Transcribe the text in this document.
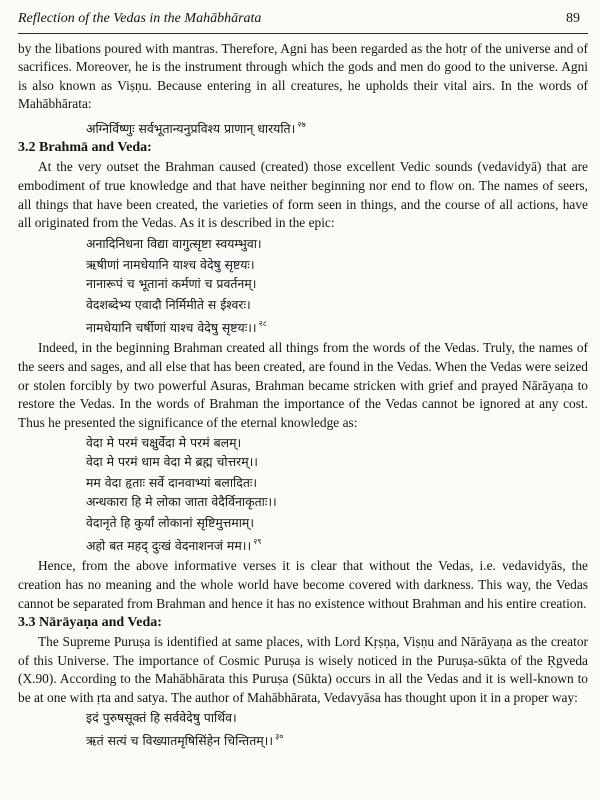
Reflection of the Vedas in the Mahābhārata	89

by the libations poured with mantras. Therefore, Agni has been regarded as the hotṛ of the universe and of sacrifices. Moreover, he is the instrument through which the gods and men do good to the universe. Agni is also known as Viṣṇu. Because entering in all creatures, he upholds their vital airs. In the words of Mahābhārata:

अग्निर्विष्णुः सर्वभूतान्यनुप्रविश्य प्राणान् धारयति। $^{२७}$
3.2 Brahmā and Veda:

At the very outset the Brahman caused (created) those excellent Vedic sounds (vedavidyā) that are embodiment of true knowledge and that have neither beginning nor end to flow on. The names of seers, all things that have been created, the varieties of form seen in things, and the course of all actions, have all originated from the Vedas. As it is described in the epic:

अनादिनिधना विद्या वागुत्सृष्टा स्वयम्भुवा।
ऋषीणां नामधेयानि याश्च वेदेषु सृष्टयः।
नानारूपं च भूतानां कर्मणां च प्रवर्तनम्।
वेदशब्देभ्य एवादौ निर्मिमीते स ईश्वरः।
नामधेयानि चर्षीणां याश्च वेदेषु सृष्टयः।। $^{२८}$

Indeed, in the beginning Brahman created all things from the words of the Vedas. Truly, the names of the seers and sages, and all else that has been created, are found in the Vedas. When the Vedas were seized or stolen forcibly by two powerful Asuras, Brahman became stricken with grief and prayed Nārāyaṇa to restore the Vedas. In the words of Brahman the importance of the Vedas cannot be ignored at any cost. Thus he presented the significance of the eternal knowledge as:

वेदा मे परमं चक्षुर्वेदा मे परमं बलम्।
वेदा मे परमं धाम वेदा मे ब्रह्म चोत्तरम्।।
मम वेदा हृताः सर्वे दानवाभ्यां बलादितः।
अन्धकारा हि मे लोका जाता वेदैर्विनाकृताः।।
वेदानृते हि कुर्यां लोकानां सृष्टिमुत्तमाम्।
अहो बत महद् दुःखं वेदनाशनजं मम।। $^{२९}$

Hence, from the above informative verses it is clear that without the Vedas, i.e. vedavidyās, the creation has no meaning and the whole world have become covered with darkness. This way, the Vedas cannot be separated from Brahman and hence it has no existence without Brahman and his entire creation.

3.3 Nārāyaṇa and Veda:

The Supreme Puruṣa is identified at same places, with Lord Kṛṣṇa, Viṣṇu and Nārāyaṇa as the creator of this Universe. The importance of Cosmic Puruṣa is wisely noticed in the Puruṣa-sūkta of the Ṛgveda (X.90). According to the Mahābhārata this Puruṣa (Sūkta) occurs in all the Vedas and it is well-known to be at one with ṛta and satya. The author of Mahābhārata, Vedavyāsa has thought upon it in a proper way:

इदं पुरुषसूक्तं हि सर्ववेदेषु पार्थिव।
ऋतं सत्यं च विख्यातमृषिसिंहेन चिन्तितम्।। $^{३०}$
